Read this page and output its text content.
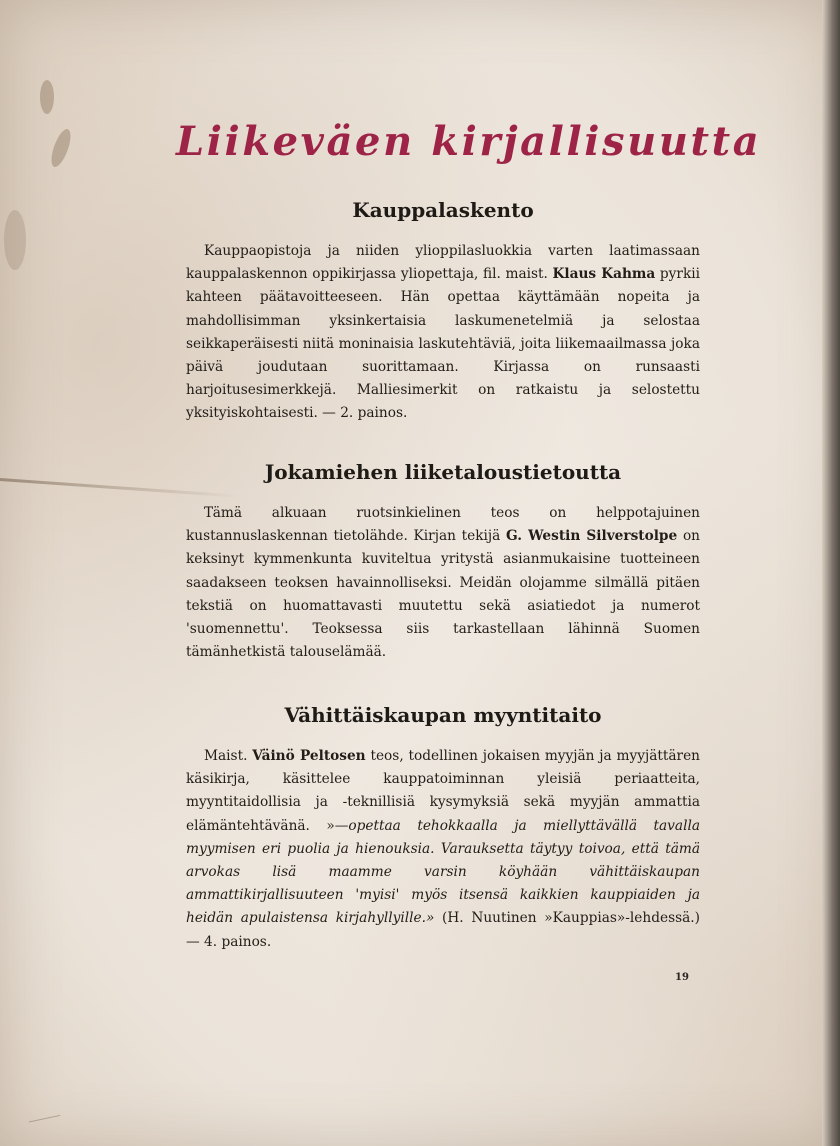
Liikeväen kirjallisuutta
Kauppalaskento

Kauppaopistoja ja niiden ylioppilasluokkia varten laatimassaan kauppalaskennon oppikirjassa yliopettaja, fil. maist. Klaus Kahma pyrkii kahteen päätavoitteeseen. Hän opettaa käyttämään nopeita ja mahdollisimman yksinkertaisia laskumenetelmiä ja selostaa seikkaperäisesti niitä moninaisia laskutehtäviä, joita liikemaailmassa joka päivä joudutaan suorittamaan. Kirjassa on runsaasti harjoitusesimerkkejä. Malliesimerkit on ratkaistu ja selostettu yksityiskohtaisesti. — 2. painos.

Jokamiehen liiketaloustietoutta

Tämä alkuaan ruotsinkielinen teos on helppotajuinen kustannuslaskennan tietolähde. Kirjan tekijä G. Westin Silverstolpe on keksinyt kymmenkunta kuviteltua yritystä asianmukaisine tuotteineen saadakseen teoksen havainnolliseksi. Meidän olojamme silmällä pitäen tekstiä on huomattavasti muutettu sekä asiatiedot ja numerot 'suomennettu'. Teoksessa siis tarkastellaan lähinnä Suomen tämänhetkistä talouselämää.

Vähittäiskaupan myyntitaito

Maist. Väinö Peltosen teos, todellinen jokaisen myyjän ja myyjättären käsikirja, käsittelee kauppatoiminnan yleisiä periaatteita, myyntitaidollisia ja -teknillisiä kysymyksiä sekä myyjän ammattia elämäntehtävänä. »—opettaa tehokkaalla ja miellyttävällä tavalla myymisen eri puolia ja hienouksia. Varauksetta täytyy toivoa, että tämä arvokas lisä maamme varsin köyhään vähittäiskaupan ammattikirjallisuuteen 'myisi' myös itsensä kaikkien kauppiaiden ja heidän apulaistensa kirjahyllyille.» (H. Nuutinen »Kauppias»-lehdessä.) — 4. painos.

19
